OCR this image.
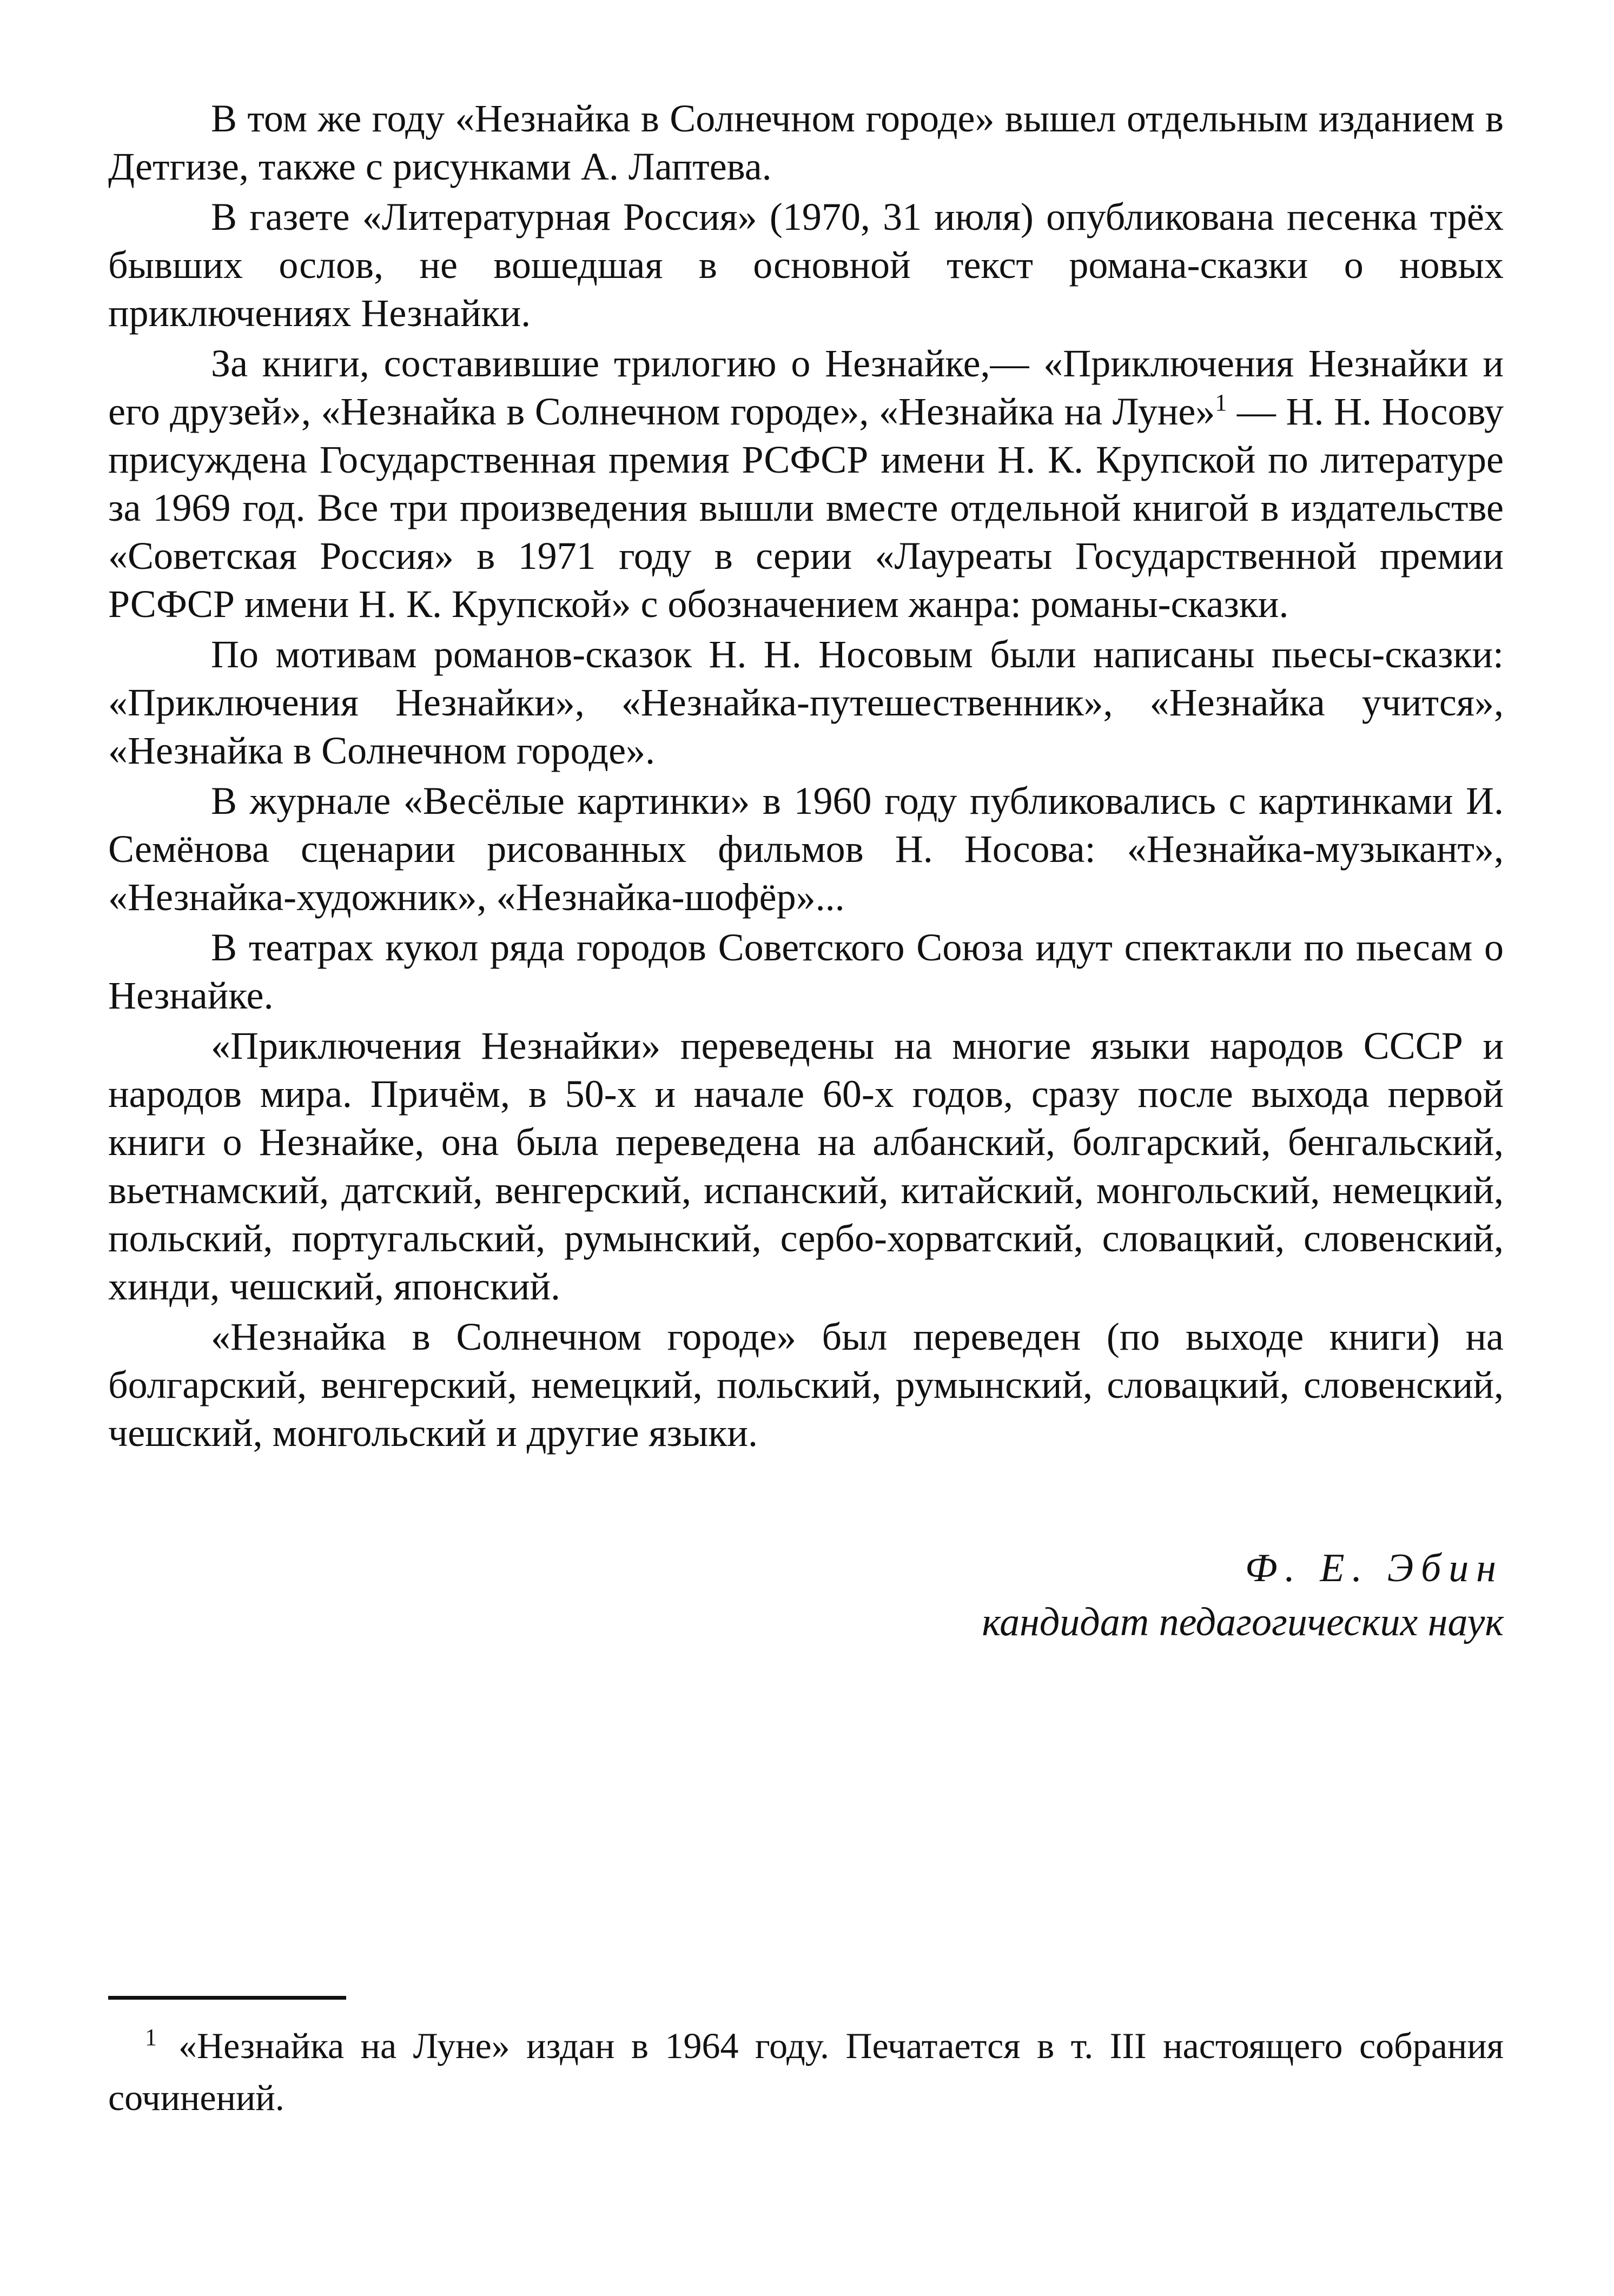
В том же году «Незнайка в Солнечном городе» вышел отдельным изданием в Детгизе, также с рисунками А. Лаптева.

В газете «Литературная Россия» (1970, 31 июля) опубликована песенка трёх бывших ослов, не вошедшая в основной текст романа-сказки о новых приключениях Незнайки.

За книги, составившие трилогию о Незнайке,— «Приключения Незнайки и его друзей», «Незнайка в Солнечном городе», «Незнайка на Луне»$^1$ — Н. Н. Носову присуждена Государственная премия РСФСР имени Н. К. Крупской по литературе за 1969 год. Все три произведения вышли вместе отдельной книгой в издательстве «Советская Россия» в 1971 году в серии «Лауреаты Государственной премии РСФСР имени Н. К. Крупской» с обозначением жанра: романы-сказки.

По мотивам романов-сказок Н. Н. Носовым были написаны пьесы-сказки: «Приключения Незнайки», «Незнайка-путешественник», «Незнайка учится», «Незнайка в Солнечном городе».

В журнале «Весёлые картинки» в 1960 году публиковались с картинками И. Семёнова сценарии рисованных фильмов Н. Носова: «Незнайка-музыкант», «Незнайка-художник», «Незнайка-шофёр»...

В театрах кукол ряда городов Советского Союза идут спектакли по пьесам о Незнайке.

«Приключения Незнайки» переведены на многие языки народов СССР и народов мира. Причём, в 50-х и начале 60-х годов, сразу после выхода первой книги о Незнайке, она была переведена на албанский, болгарский, бенгальский, вьетнамский, датский, венгерский, испанский, китайский, монгольский, немецкий, польский, португальский, румынский, сербо-хорватский, словацкий, словенский, хинди, чешский, японский.

«Незнайка в Солнечном городе» был переведен (по выходе книги) на болгарский, венгерский, немецкий, польский, румынский, словацкий, словенский, чешский, монгольский и другие языки.

Ф. Е. Эбин
кандидат педагогических наук
1 «Незнайка на Луне» издан в 1964 году. Печатается в т. III настоящего собрания сочинений.
